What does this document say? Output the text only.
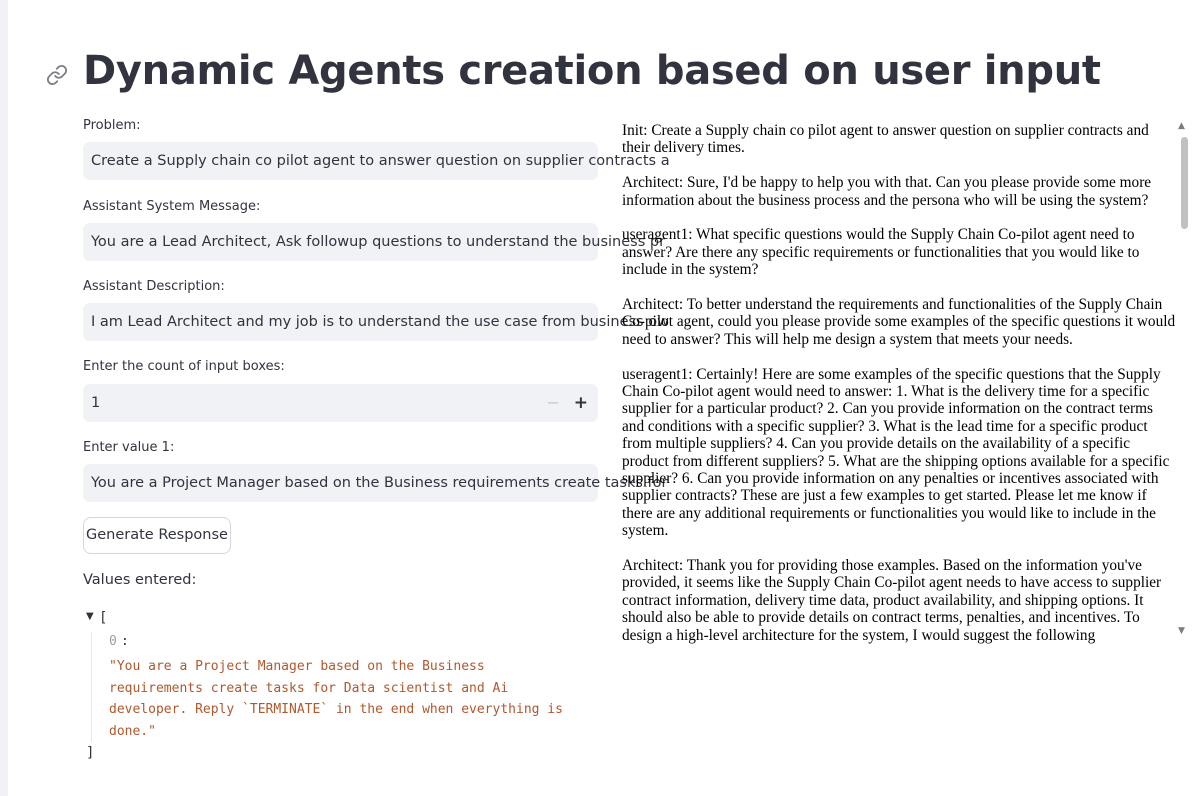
Dynamic Agents creation based on user input
Problem:
Create a Supply chain co pilot agent to answer question on supplier contracts a
Assistant System Message:
You are a Lead Architect, Ask followup questions to understand the business pr
Assistant Description:
I am Lead Architect and my job is to understand the use case from business ow
Enter the count of input boxes:
1	− +
Enter value 1:
You are a Project Manager based on the Business requirements create tasks for
Generate Response
Values entered:
▼ [
0 :
"You are a Project Manager based on the Business
requirements create tasks for Data scientist and Ai
developer. Reply `TERMINATE` in the end when everything is
done."
]

Init: Create a Supply chain co pilot agent to answer question on supplier contracts and their delivery times.

Architect: Sure, I'd be happy to help you with that. Can you please provide some more information about the business process and the persona who will be using the system?

useragent1: What specific questions would the Supply Chain Co-pilot agent need to answer? Are there any specific requirements or functionalities that you would like to include in the system?

Architect: To better understand the requirements and functionalities of the Supply Chain Co-pilot agent, could you please provide some examples of the specific questions it would need to answer? This will help me design a system that meets your needs.

useragent1: Certainly! Here are some examples of the specific questions that the Supply Chain Co-pilot agent would need to answer: 1. What is the delivery time for a specific supplier for a particular product? 2. Can you provide information on the contract terms and conditions with a specific supplier? 3. What is the lead time for a specific product from multiple suppliers? 4. Can you provide details on the availability of a specific product from different suppliers? 5. What are the shipping options available for a specific supplier? 6. Can you provide information on any penalties or incentives associated with supplier contracts? These are just a few examples to get started. Please let me know if there are any additional requirements or functionalities you would like to include in the system.

Architect: Thank you for providing those examples. Based on the information you've provided, it seems like the Supply Chain Co-pilot agent needs to have access to supplier contract information, delivery time data, product availability, and shipping options. It should also be able to provide details on contract terms, penalties, and incentives. To design a high-level architecture for the system, I would suggest the following

▲
▼
